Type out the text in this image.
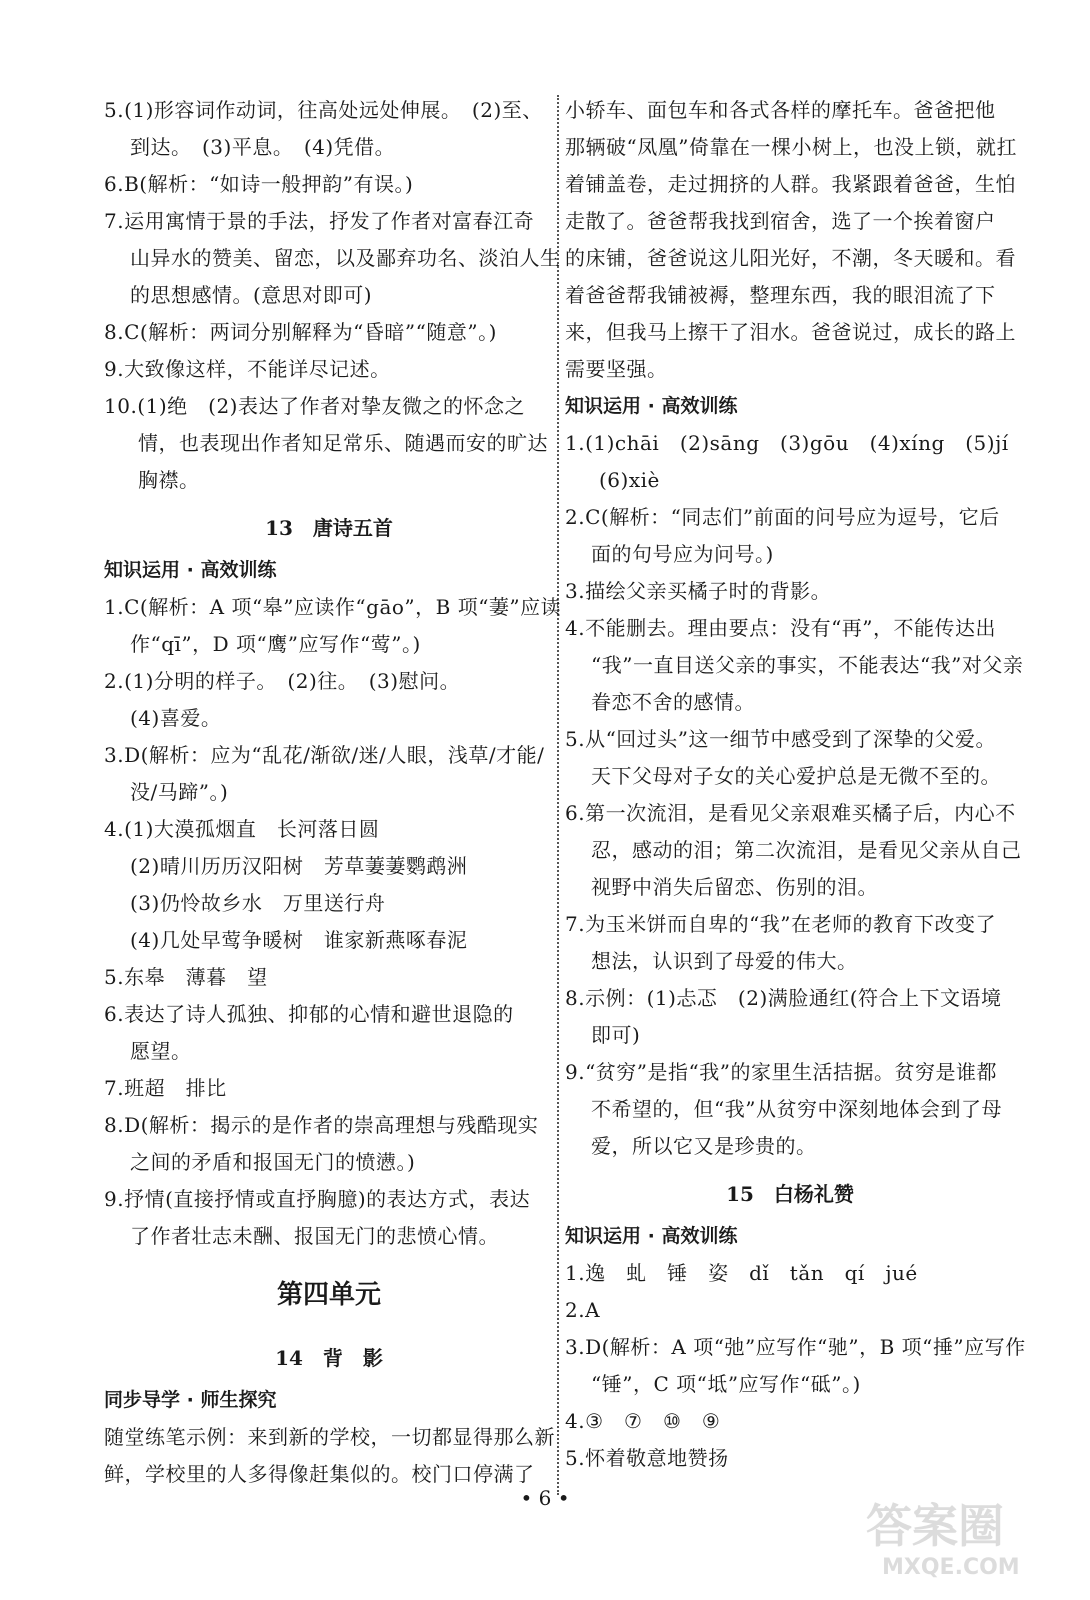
5.(1)形容词作动词，往高处远处伸展。　(2)至、
到达。　(3)平息。　(4)凭借。
6.B(解析：“如诗一般押韵”有误。)
7.运用寓情于景的手法，抒发了作者对富春江奇
山异水的赞美、留恋，以及鄙弃功名、淡泊人生
的思想感情。(意思对即可)
8.C(解析：两词分别解释为“昏暗”“随意”。)
9.大致像这样，不能详尽记述。
10.(1)绝　(2)表达了作者对挚友微之的怀念之
情，也表现出作者知足常乐、随遇而安的旷达
胸襟。
13　唐诗五首
知识运用 · 高效训练
1.C(解析：A 项“皋”应读作“gāo”，B 项“萋”应读
作“qī”，D 项“鹰”应写作“莺”。)
2.(1)分明的样子。　(2)往。　(3)慰问。
(4)喜爱。
3.D(解析：应为“乱花/渐欲/迷/人眼，浅草/才能/
没/马蹄”。)
4.(1)大漠孤烟直　长河落日圆
(2)晴川历历汉阳树　芳草萋萋鹦鹉洲
(3)仍怜故乡水　万里送行舟
(4)几处早莺争暖树　谁家新燕啄春泥
5.东皋　薄暮　望
6.表达了诗人孤独、抑郁的心情和避世退隐的
愿望。
7.班超　排比
8.D(解析：揭示的是作者的崇高理想与残酷现实
之间的矛盾和报国无门的愤懑。)
9.抒情(直接抒情或直抒胸臆)的表达方式，表达
了作者壮志未酬、报国无门的悲愤心情。
第四单元
14　背　影
同步导学 · 师生探究
随堂练笔示例：来到新的学校，一切都显得那么新
鲜，学校里的人多得像赶集似的。校门口停满了
小轿车、面包车和各式各样的摩托车。爸爸把他
那辆破“凤凰”倚靠在一棵小树上，也没上锁，就扛
着铺盖卷，走过拥挤的人群。我紧跟着爸爸，生怕
走散了。爸爸帮我找到宿舍，选了一个挨着窗户
的床铺，爸爸说这儿阳光好，不潮，冬天暖和。看
着爸爸帮我铺被褥，整理东西，我的眼泪流了下
来，但我马上擦干了泪水。爸爸说过，成长的路上
需要坚强。
知识运用 · 高效训练
1.(1)chāi　(2)sāng　(3)gōu　(4)xíng　(5)jí
(6)xiè
2.C(解析：“同志们”前面的问号应为逗号，它后
面的句号应为问号。)
3.描绘父亲买橘子时的背影。
4.不能删去。理由要点：没有“再”，不能传达出
“我”一直目送父亲的事实，不能表达“我”对父亲
眷恋不舍的感情。
5.从“回过头”这一细节中感受到了深挚的父爱。
天下父母对子女的关心爱护总是无微不至的。
6.第一次流泪，是看见父亲艰难买橘子后，内心不
忍，感动的泪；第二次流泪，是看见父亲从自己
视野中消失后留恋、伤别的泪。
7.为玉米饼而自卑的“我”在老师的教育下改变了
想法，认识到了母爱的伟大。
8.示例：(1)忐忑　(2)满脸通红(符合上下文语境
即可)
9.“贫穷”是指“我”的家里生活拮据。贫穷是谁都
不希望的，但“我”从贫穷中深刻地体会到了母
爱，所以它又是珍贵的。
15　白杨礼赞
知识运用 · 高效训练
1.逸　虬　锤　姿　dǐ　tǎn　qí　jué
2.A
3.D(解析：A 项“弛”应写作“驰”，B 项“捶”应写作
“锤”，C 项“坻”应写作“砥”。)
4.③　⑦　⑩　⑨
5.怀着敬意地赞扬
• 6 •
答案圈
MXQE.COM
